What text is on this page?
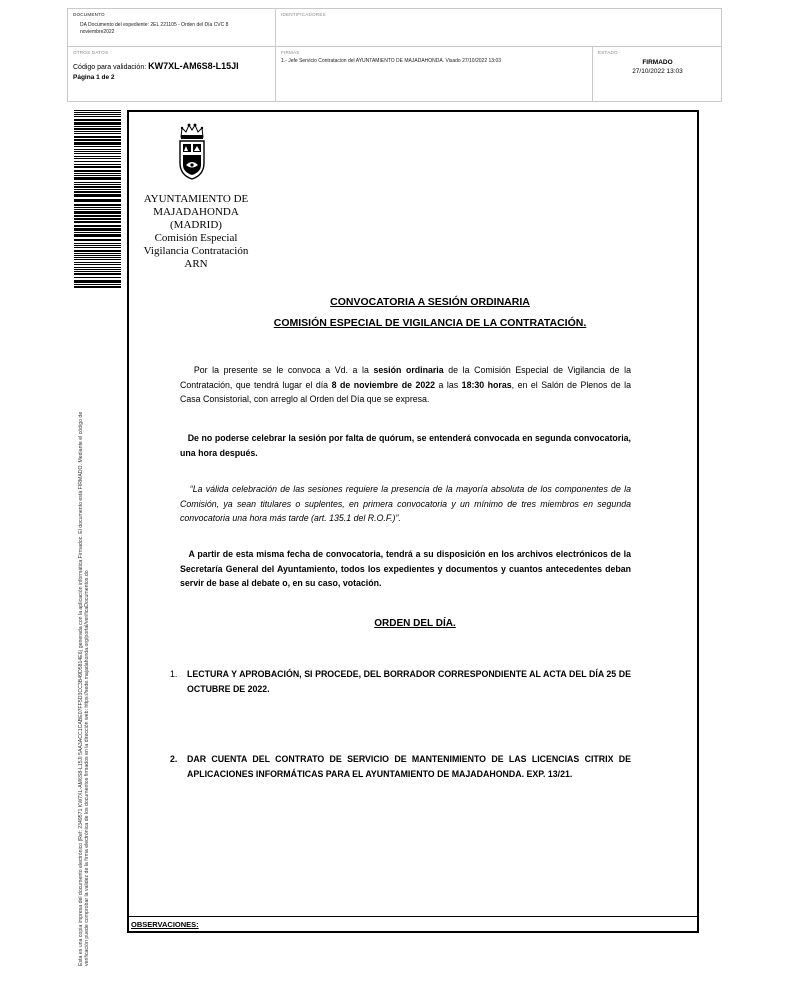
DOCUMENTO
DA Documento del expediente: 2EL 221105 - Orden del Día CVC 8
noviembre2022
IDENTIFICADORES
OTROS DATOS
Código para validación: KW7XL-AM6S8-L15JI
Página 1 de 2
FIRMAS
1.- Jefe Servicio Contratacion del AYUNTAMIENTO DE MAJADAHONDA. Visado 27/10/2022 13:03
ESTADO
FIRMADO
27/10/2022 13:03
Esta es una copia impresa del documento electrónico (Ref: 2349571 KW7XL-AM6S8-L15JI 5AA3ACC1CABE07FF5D3CC3B49D5814E6) generada con la aplicación informática Firmadoc. El documento está FIRMADO. Mediante el código de verificación puede comprobar la validez de la firma electrónica de los documentos firmados en la dirección web: https://sede.majadahonda.org/portal/verificaDocumentos.do	OBSERVACIONES:
AYUNTAMIENTO DE
MAJADAHONDA
(MADRID)
Comisión Especial
Vigilancia Contratación
ARN
CONVOCATORIA A SESIÓN ORDINARIA
COMISIÓN ESPECIAL DE VIGILANCIA DE LA CONTRATACIÓN.
Por la presente se le convoca a Vd. a la sesión ordinaria de la Comisión Especial de Vigilancia de la Contratación, que tendrá lugar el día 8 de noviembre de 2022 a las 18:30 horas, en el Salón de Plenos de la Casa Consistorial, con arreglo al Orden del Día que se expresa.
De no poderse celebrar la sesión por falta de quórum, se entenderá convocada en segunda convocatoria, una hora después.
“La válida celebración de las sesiones requiere la presencia de la mayoría absoluta de los componentes de la Comisión, ya sean titulares o suplentes, en primera convocatoria y un mínimo de tres miembros en segunda convocatoria una hora más tarde (art. 135.1 del R.O.F.)”.
A partir de esta misma fecha de convocatoria, tendrá a su disposición en los archivos electrónicos de la Secretaría General del Ayuntamiento, todos los expedientes y documentos y cuantos antecedentes deban servir de base al debate o, en su caso, votación.
ORDEN DEL DÍA.
1. LECTURA Y APROBACIÓN, SI PROCEDE, DEL BORRADOR CORRESPONDIENTE AL ACTA DEL DÍA 25 DE OCTUBRE DE 2022.
2. DAR CUENTA DEL CONTRATO DE SERVICIO DE MANTENIMIENTO DE LAS LICENCIAS CITRIX DE APLICACIONES INFORMÁTICAS PARA EL AYUNTAMIENTO DE MAJADAHONDA. EXP. 13/21.
